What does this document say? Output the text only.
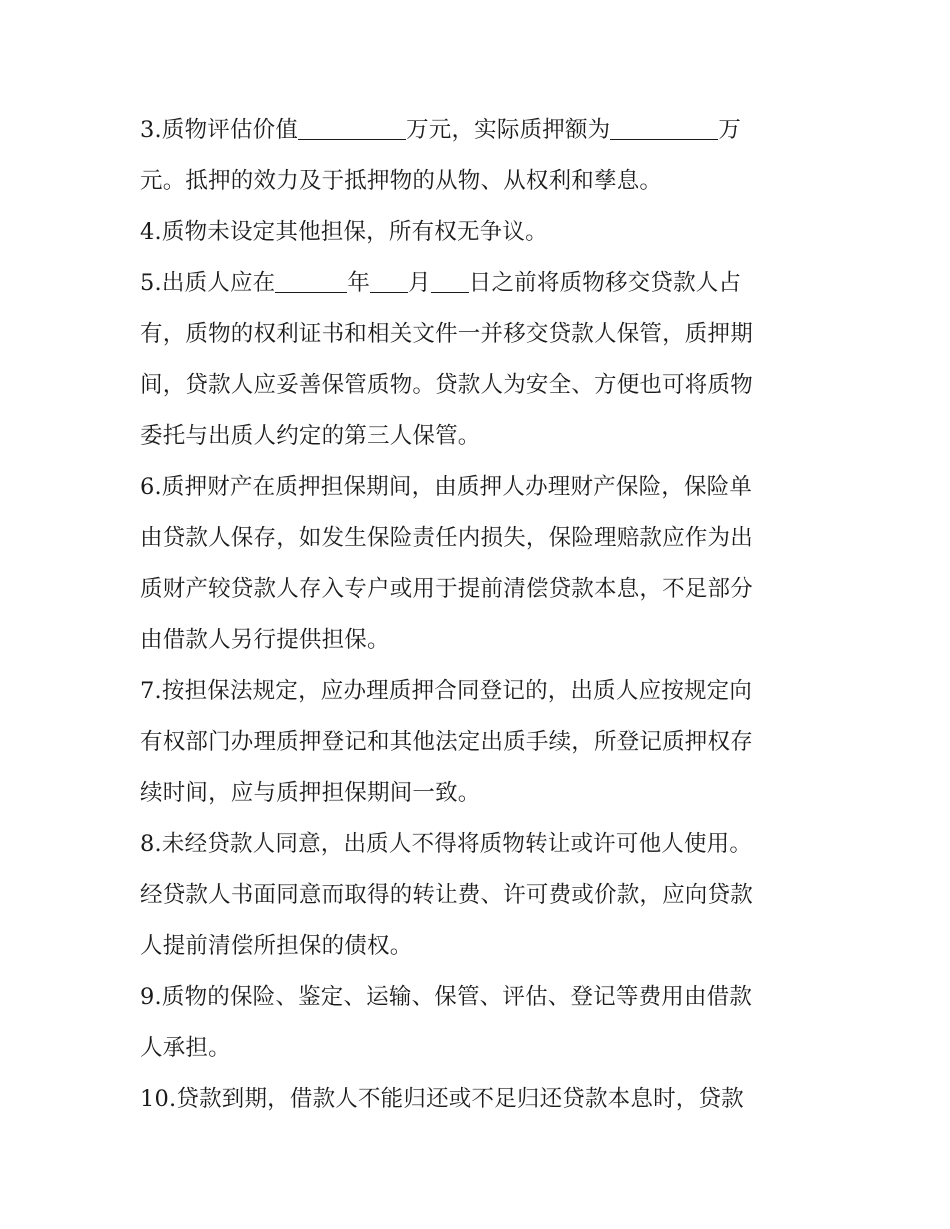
3.质物评估价值	万元，实际质押额为	万
元。抵押的效力及于抵押物的从物、从权利和孳息。
4.质物未设定其他担保，所有权无争议。
5.出质人应在	年 月 日之前将质物移交贷款人占
有，质物的权利证书和相关文件一并移交贷款人保管，质押期
间，贷款人应妥善保管质物。贷款人为安全、方便也可将质物
委托与出质人约定的第三人保管。
6.质押财产在质押担保期间，由质押人办理财产保险，保险单
由贷款人保存，如发生保险责任内损失，保险理赔款应作为出
质财产较贷款人存入专户或用于提前清偿贷款本息，不足部分
由借款人另行提供担保。
7.按担保法规定，应办理质押合同登记的，出质人应按规定向
有权部门办理质押登记和其他法定出质手续，所登记质押权存
续时间，应与质押担保期间一致。
8.未经贷款人同意，出质人不得将质物转让或许可他人使用。
经贷款人书面同意而取得的转让费、许可费或价款，应向贷款
人提前清偿所担保的债权。
9.质物的保险、鉴定、运输、保管、评估、登记等费用由借款
人承担。
10.贷款到期，借款人不能归还或不足归还贷款本息时，贷款
